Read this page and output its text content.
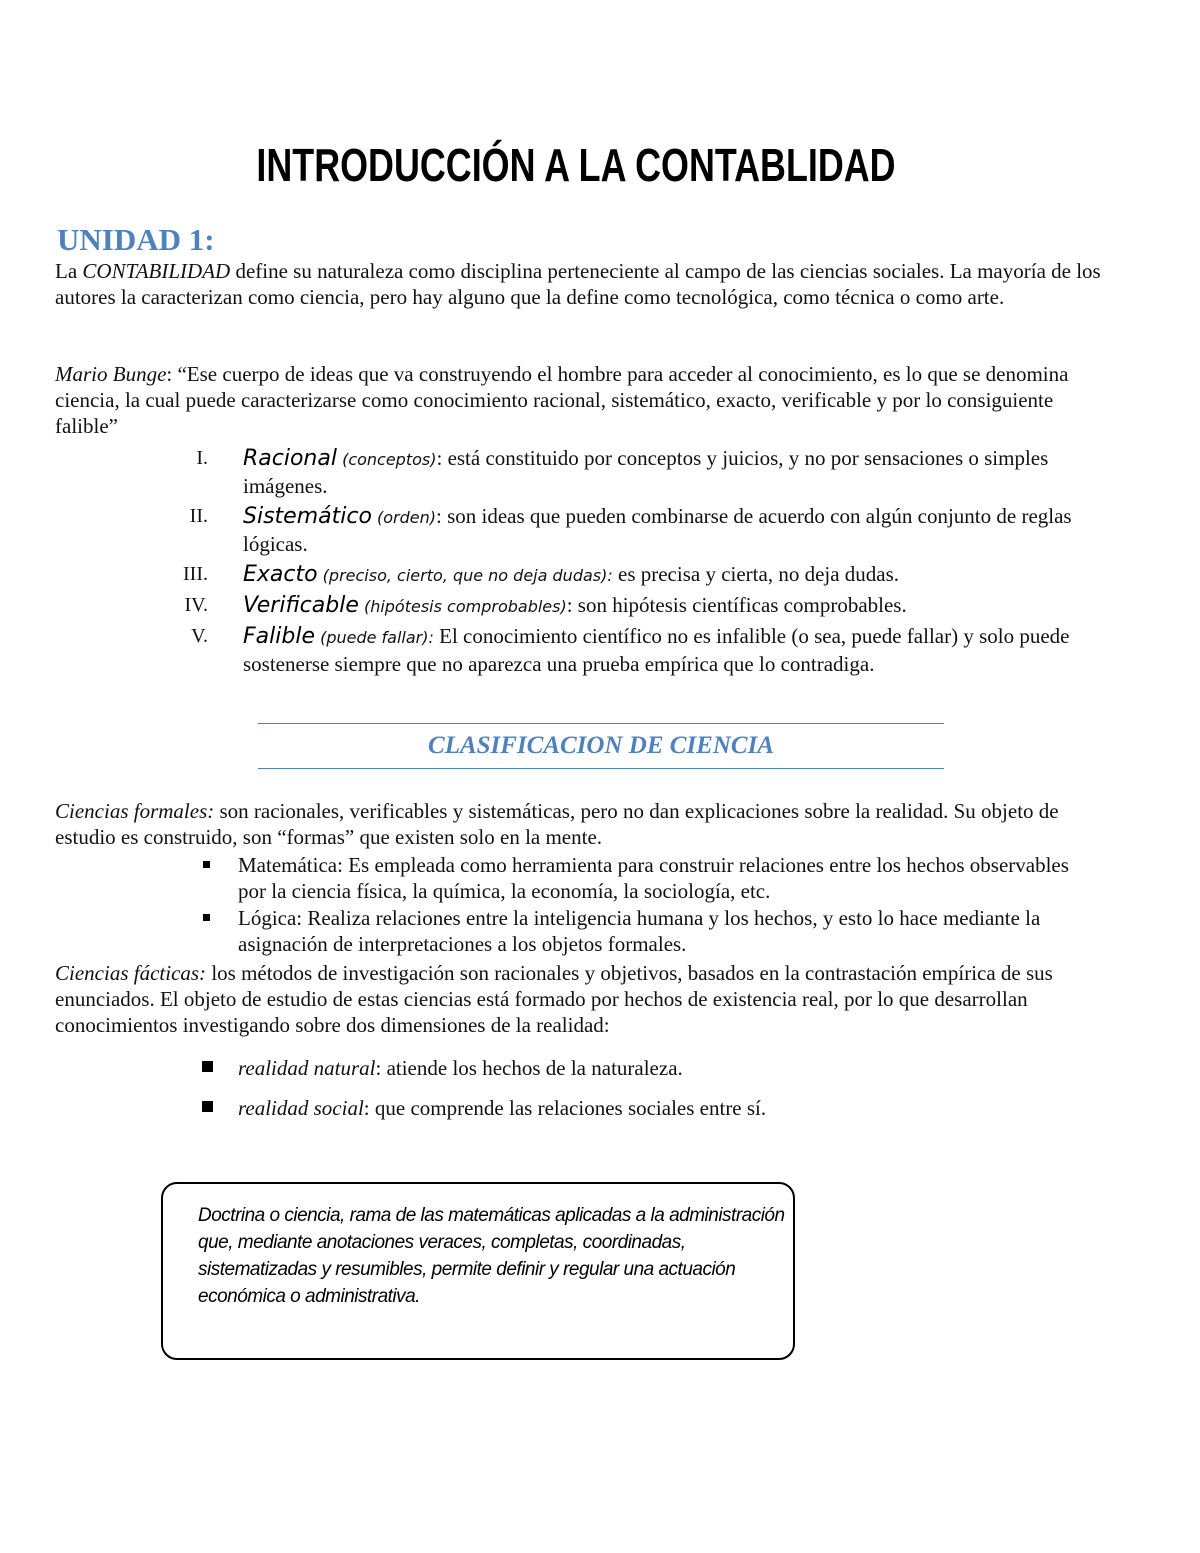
INTRODUCCIÓN A LA CONTABLIDAD
UNIDAD 1:

La CONTABILIDAD define su naturaleza como disciplina perteneciente al campo de las ciencias sociales. La mayoría de los autores la caracterizan como ciencia, pero hay alguno que la define como tecnológica, como técnica o como arte.

Mario Bunge: “Ese cuerpo de ideas que va construyendo el hombre para acceder al conocimiento, es lo que se denomina ciencia, la cual puede caracterizarse como conocimiento racional, sistemático, exacto, verificable y por lo consiguiente falible”

I. Racional (conceptos): está constituido por conceptos y juicios, y no por sensaciones o simples imágenes.
II. Sistemático (orden): son ideas que pueden combinarse de acuerdo con algún conjunto de reglas lógicas.
III. Exacto (preciso, cierto, que no deja dudas): es precisa y cierta, no deja dudas.
IV. Verificable (hipótesis comprobables): son hipótesis científicas comprobables.
V. Falible (puede fallar): El conocimiento científico no es infalible (o sea, puede fallar) y solo puede sostenerse siempre que no aparezca una prueba empírica que lo contradiga.
CLASIFICACION DE CIENCIA

Ciencias formales: son racionales, verificables y sistemáticas, pero no dan explicaciones sobre la realidad. Su objeto de estudio es construido, son “formas” que existen solo en la mente.

Matemática: Es empleada como herramienta para construir relaciones entre los hechos observables por la ciencia física, la química, la economía, la sociología, etc.
Lógica: Realiza relaciones entre la inteligencia humana y los hechos, y esto lo hace mediante la asignación de interpretaciones a los objetos formales.

Ciencias fácticas: los métodos de investigación son racionales y objetivos, basados en la contrastación empírica de sus enunciados. El objeto de estudio de estas ciencias está formado por hechos de existencia real, por lo que desarrollan conocimientos investigando sobre dos dimensiones de la realidad:

realidad natural: atiende los hechos de la naturaleza.
realidad social: que comprende las relaciones sociales entre sí.

Doctrina o ciencia, rama de las matemáticas aplicadas a la administración que, mediante anotaciones veraces, completas, coordinadas, sistematizadas y resumibles, permite definir y regular una actuación económica o administrativa.
